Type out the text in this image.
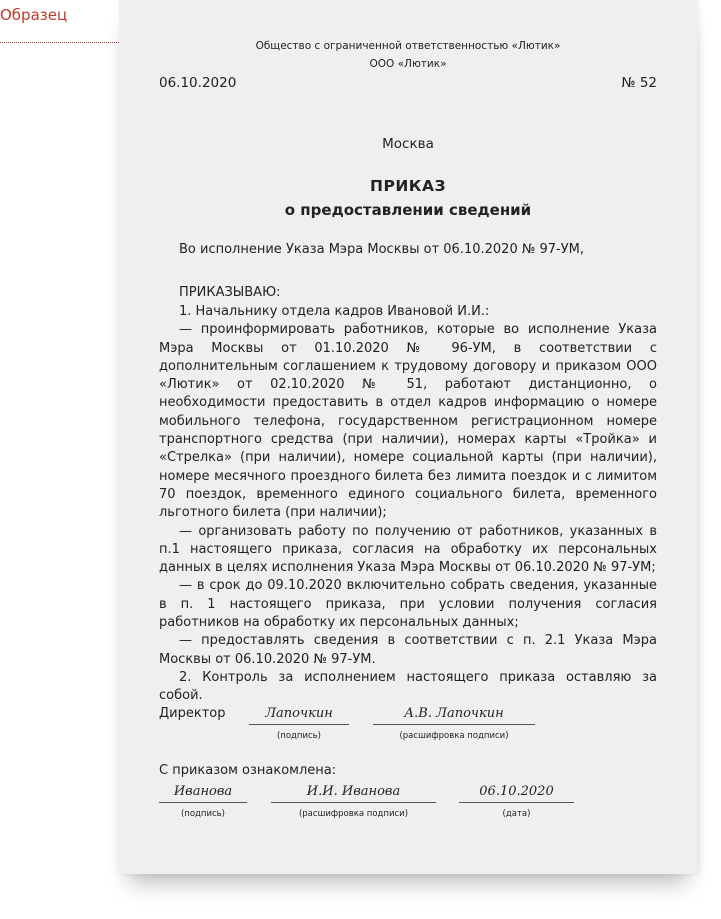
Образец
Общество с ограниченной ответственностью «Лютик»
ООО «Лютик»
06.10.2020	№ 52
Москва
ПРИКАЗ
о предоставлении сведений
Во исполнение Указа Мэра Москвы от 06.10.2020 № 97-УМ,
ПРИКАЗЫВАЮ:

1. Начальнику отдела кадров Ивановой И.И.:

— проинформировать работников, которые во исполнение Указа Мэра Москвы от 01.10.2020 № 96-УМ, в соответствии с дополнительным соглашением к трудовому договору и приказом ООО «Лютик» от 02.10.2020 № 51, работают дистанционно, о необходимости предоставить в отдел кадров информацию о номере мобильного телефона, государственном регистрационном номере транспортного средства (при наличии), номерах карты «Тройка» и «Стрелка» (при наличии), номере социальной карты (при наличии), номере месячного проездного билета без лимита поездок и с лимитом 70 поездок, временного единого социального билета, временного льготного билета (при наличии);

— организовать работу по получению от работников, указанных в п.1 настоящего приказа, согласия на обработку их персональных данных в целях исполнения Указа Мэра Москвы от 06.10.2020 № 97-УМ;

— в срок до 09.10.2020 включительно собрать сведения, указанные в п. 1 настоящего приказа, при условии получения согласия работников на обработку их персональных данных;

— предоставлять сведения в соответствии с п. 2.1 Указа Мэра Москвы от 06.10.2020 № 97-УМ.

2. Контроль за исполнением настоящего приказа оставляю за собой.

Директор	Лапочкин
(подпись)
А.В. Лапочкин
(расшифровка подписи)
С приказом ознакомлена:
Иванова
(подпись)
И.И. Иванова
(расшифровка подписи)
06.10.2020
(дата)
